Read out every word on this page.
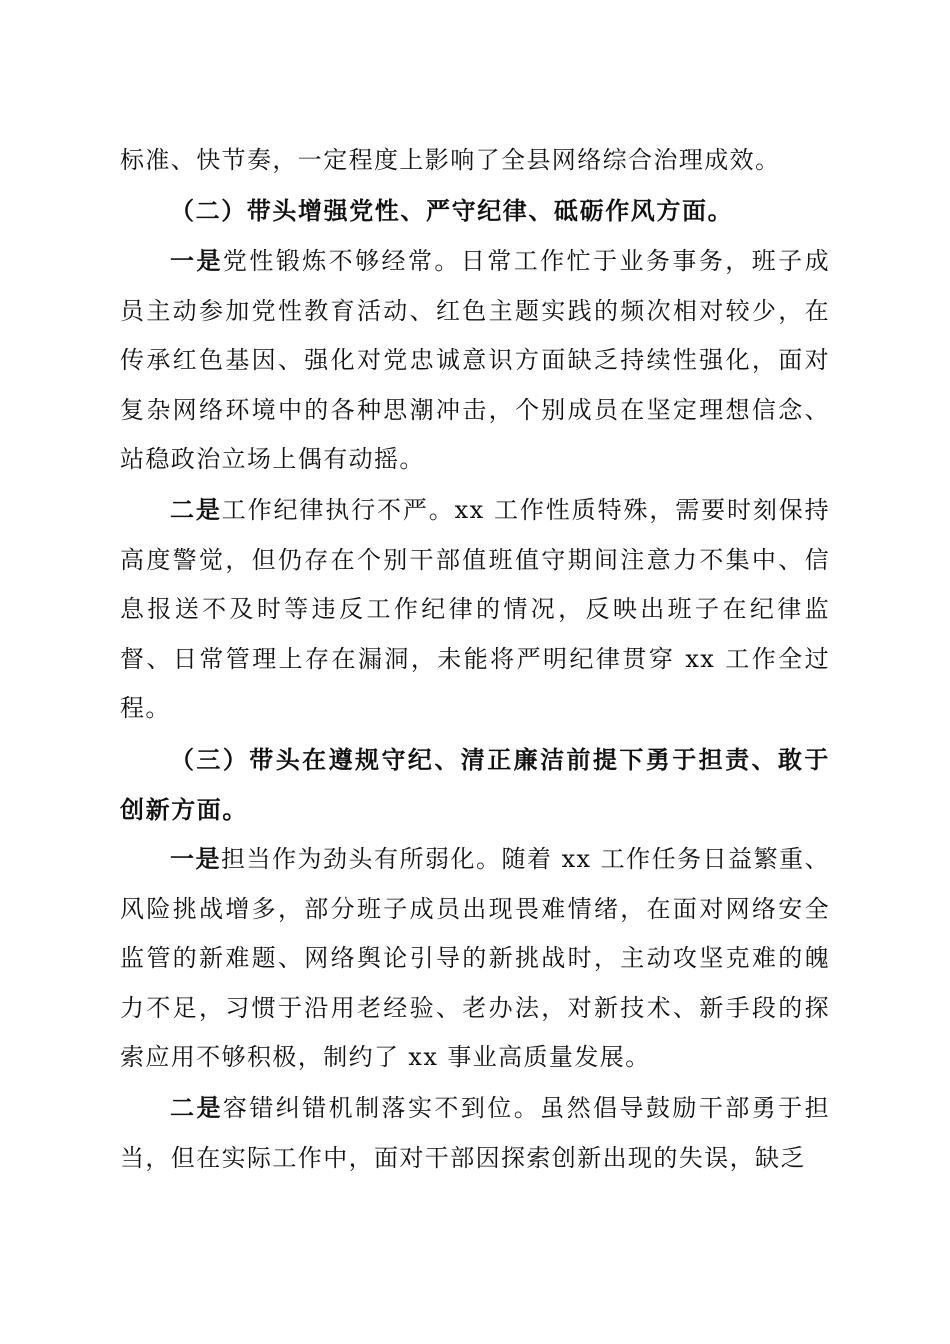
标准、快节奏，一定程度上影响了全县网络综合治理成效。

（二）带头增强党性、严守纪律、砥砺作风方面。

一是党性锻炼不够经常。日常工作忙于业务事务，班子成员主动参加党性教育活动、红色主题实践的频次相对较少，在传承红色基因、强化对党忠诚意识方面缺乏持续性强化，面对复杂网络环境中的各种思潮冲击，个别成员在坚定理想信念、站稳政治立场上偶有动摇。

二是工作纪律执行不严。xx 工作性质特殊，需要时刻保持高度警觉，但仍存在个别干部值班值守期间注意力不集中、信息报送不及时等违反工作纪律的情况，反映出班子在纪律监督、日常管理上存在漏洞，未能将严明纪律贯穿 xx 工作全过程。

（三）带头在遵规守纪、清正廉洁前提下勇于担责、敢于创新方面。

一是担当作为劲头有所弱化。随着 xx 工作任务日益繁重、风险挑战增多，部分班子成员出现畏难情绪，在面对网络安全监管的新难题、网络舆论引导的新挑战时，主动攻坚克难的魄力不足，习惯于沿用老经验、老办法，对新技术、新手段的探索应用不够积极，制约了 xx 事业高质量发展。

二是容错纠错机制落实不到位。虽然倡导鼓励干部勇于担当，但在实际工作中，面对干部因探索创新出现的失误，缺乏
